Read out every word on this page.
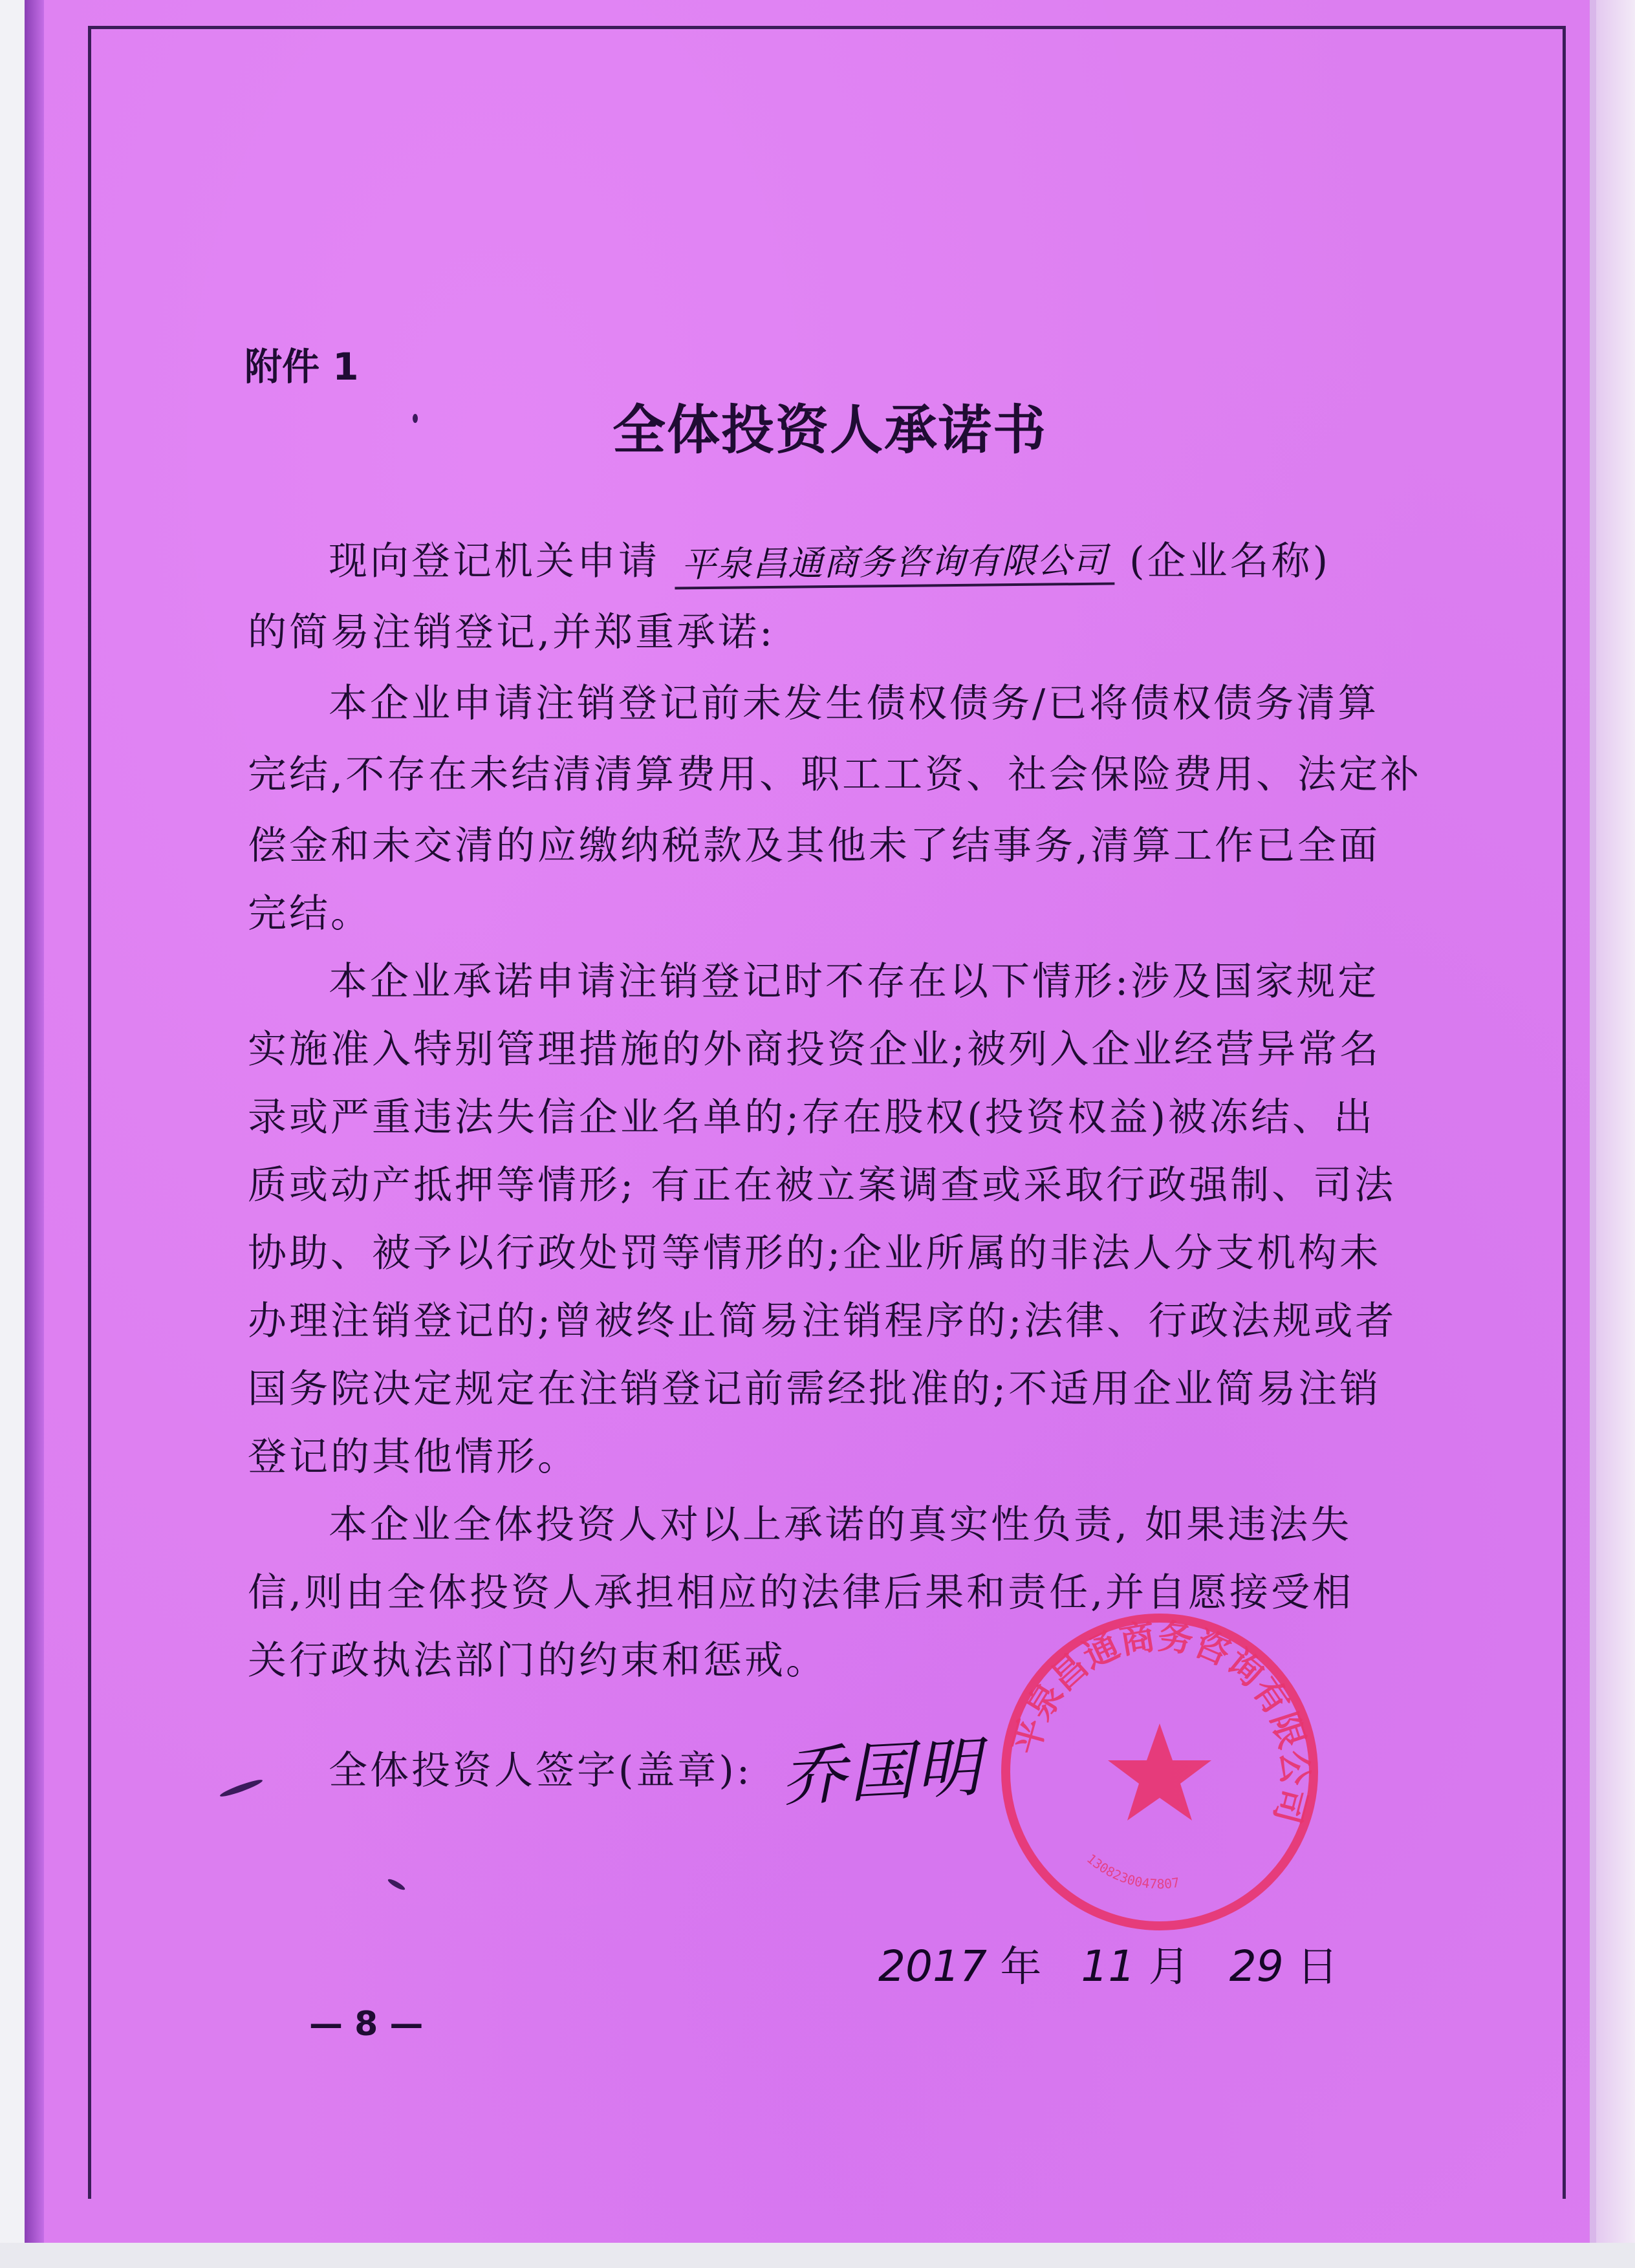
附件 1
全体投资人承诺书
现向登记机关申请 平泉昌通商务咨询有限公司 (企业名称)
的简易注销登记,并郑重承诺:
本企业申请注销登记前未发生债权债务/已将债权债务清算
完结,不存在未结清清算费用、职工工资、社会保险费用、法定补
偿金和未交清的应缴纳税款及其他未了结事务,清算工作已全面
完结。
本企业承诺申请注销登记时不存在以下情形:涉及国家规定
实施准入特别管理措施的外商投资企业;被列入企业经营异常名
录或严重违法失信企业名单的;存在股权(投资权益)被冻结、出
质或动产抵押等情形; 有正在被立案调查或采取行政强制、司法
协助、被予以行政处罚等情形的;企业所属的非法人分支机构未
办理注销登记的;曾被终止简易注销程序的;法律、行政法规或者
国务院决定规定在注销登记前需经批准的;不适用企业简易注销
登记的其他情形。
本企业全体投资人对以上承诺的真实性负责, 如果违法失
信,则由全体投资人承担相应的法律后果和责任,并自愿接受相
关行政执法部门的约束和惩戒。
全体投资人签字(盖章): 乔国明 平泉昌通商务咨询有限公司
1308230047807
2017 年 11 月 29 日
— 8 —
